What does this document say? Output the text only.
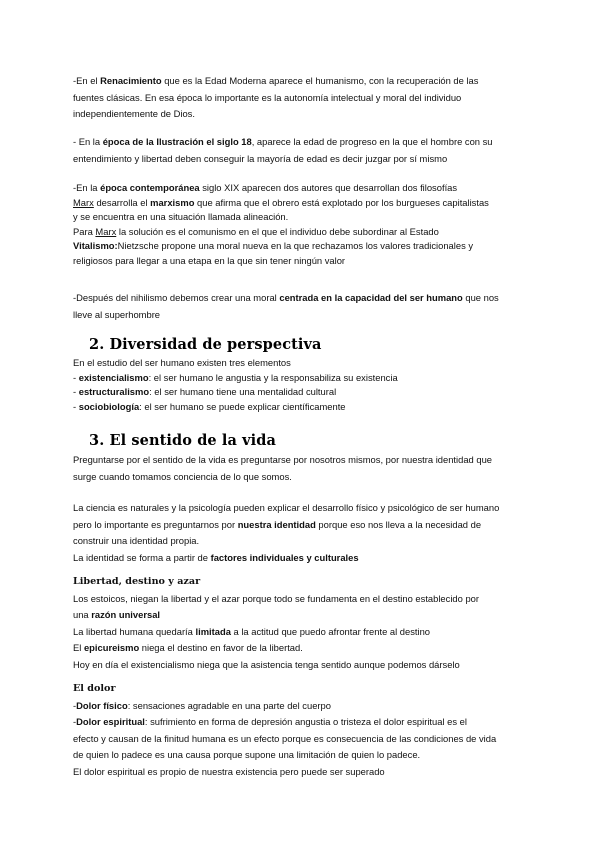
-En el Renacimiento que es la Edad Moderna aparece el humanismo, con la recuperación de las
fuentes clásicas. En esa época lo importante es la autonomía intelectual y moral del individuo
independientemente de Dios.
- En la época de la Ilustración el siglo 18, aparece la edad de progreso en la que el hombre con su
entendimiento y libertad deben conseguir la mayoría de edad es decir juzgar por sí mismo
-En la época contemporánea siglo XIX aparecen dos autores que desarrollan dos filosofías
Marx desarrolla el marxismo que afirma que el obrero está explotado por los burgueses capitalistas
y se encuentra en una situación llamada alineación.
Para Marx la solución es el comunismo en el que el individuo debe subordinar al Estado
Vitalismo:Nietzsche propone una moral nueva en la que rechazamos los valores tradicionales y
religiosos para llegar a una etapa en la que sin tener ningún valor
-Después del nihilismo debemos crear una moral centrada en la capacidad del ser humano que nos
lleve al superhombre
2. Diversidad de perspectiva
En el estudio del ser humano existen tres elementos
- existencialismo: el ser humano le angustia y la responsabiliza su existencia
- estructuralismo: el ser humano tiene una mentalidad cultural
- sociobiología: el ser humano se puede explicar científicamente
3. El sentido de la vida
Preguntarse por el sentido de la vida es preguntarse por nosotros mismos, por nuestra identidad que
surge cuando tomamos conciencia de lo que somos.
La ciencia es naturales y la psicología pueden explicar el desarrollo físico y psicológico de ser humano
pero lo importante es preguntarnos por nuestra identidad porque eso nos lleva a la necesidad de
construir una identidad propia.
La identidad se forma a partir de factores individuales y culturales
Libertad, destino y azar
Los estoicos, niegan la libertad y el azar porque todo se fundamenta en el destino establecido por
una razón universal
La libertad humana quedaría limitada a la actitud que puedo afrontar frente al destino
El epicureismo niega el destino en favor de la libertad.
Hoy en día el existencialismo niega que la asistencia tenga sentido aunque podemos dárselo
El dolor
-Dolor físico: sensaciones agradable en una parte del cuerpo
-Dolor espiritual: sufrimiento en forma de depresión angustia o tristeza el dolor espiritual es el
efecto y causan de la finitud humana es un efecto porque es consecuencia de las condiciones de vida
de quien lo padece es una causa porque supone una limitación de quien lo padece.
El dolor espiritual es propio de nuestra existencia pero puede ser superado
